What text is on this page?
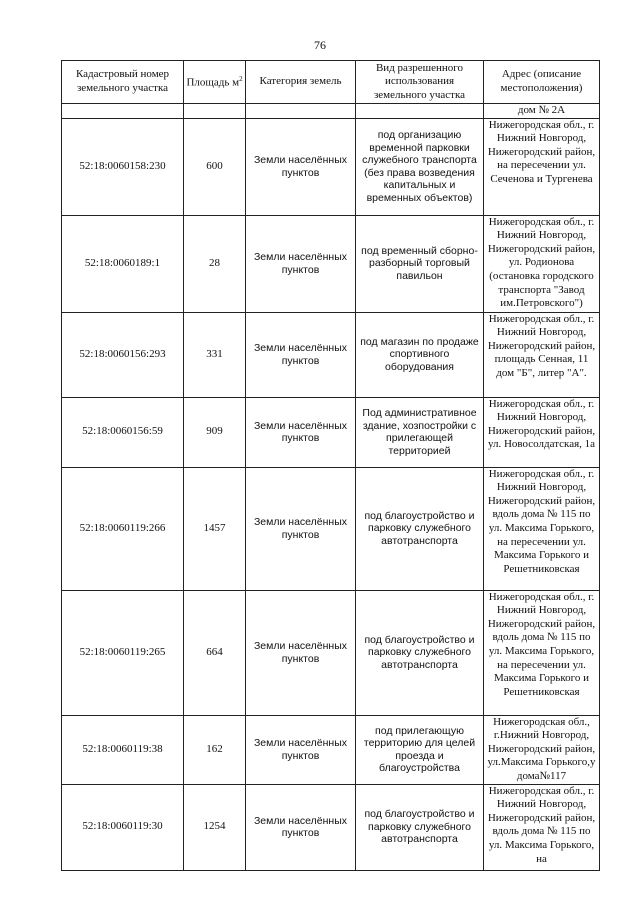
76
Кадастровый номер земельного участка	Площадь $м^2$	Категория земель	Вид разрешенного использования земельного участка	Адрес (описание местоположения)
				дом № 2А
52:18:0060158:230	600	Земли населённых пунктов	под организацию временной парковки служебного транспорта (без права возведения капитальных и временных объектов)	Нижегородская обл., г. Нижний Новгород, Нижегородский район, на пересечении ул. Сеченова и Тургенева
52:18:0060189:1	28	Земли населённых пунктов	под временный сборно-разборный торговый павильон	Нижегородская обл., г. Нижний Новгород, Нижегородский район, ул. Родионова (остановка городского транспорта "Завод им.Петровского")
52:18:0060156:293	331	Земли населённых пунктов	под магазин по продаже спортивного оборудования	Нижегородская обл., г. Нижний Новгород, Нижегородский район, площадь Сенная, 11 дом "Б", литер "А".
52:18:0060156:59	909	Земли населённых пунктов	Под административное здание, хозпостройки с прилегающей территорией	Нижегородская обл., г. Нижний Новгород, Нижегородский район, ул. Новосолдатская, 1а
52:18:0060119:266	1457	Земли населённых пунктов	под благоустройство и парковку служебного автотранспорта	Нижегородская обл., г. Нижний Новгород, Нижегородский район, вдоль дома № 115 по ул. Максима Горького, на пересечении ул. Максима Горького и Решетниковская
52:18:0060119:265	664	Земли населённых пунктов	под благоустройство и парковку служебного автотранспорта	Нижегородская обл., г. Нижний Новгород, Нижегородский район, вдоль дома № 115 по ул. Максима Горького, на пересечении ул. Максима Горького и Решетниковская
52:18:0060119:38	162	Земли населённых пунктов	под прилегающую территорию для целей проезда и благоустройства	Нижегородская обл., г.Нижний Новгород, Нижегородский район, ул.Максима Горького,у дома№117
52:18:0060119:30	1254	Земли населённых пунктов	под благоустройство и парковку служебного автотранспорта	Нижегородская обл., г. Нижний Новгород, Нижегородский район, вдоль дома № 115 по ул. Максима Горького, на
